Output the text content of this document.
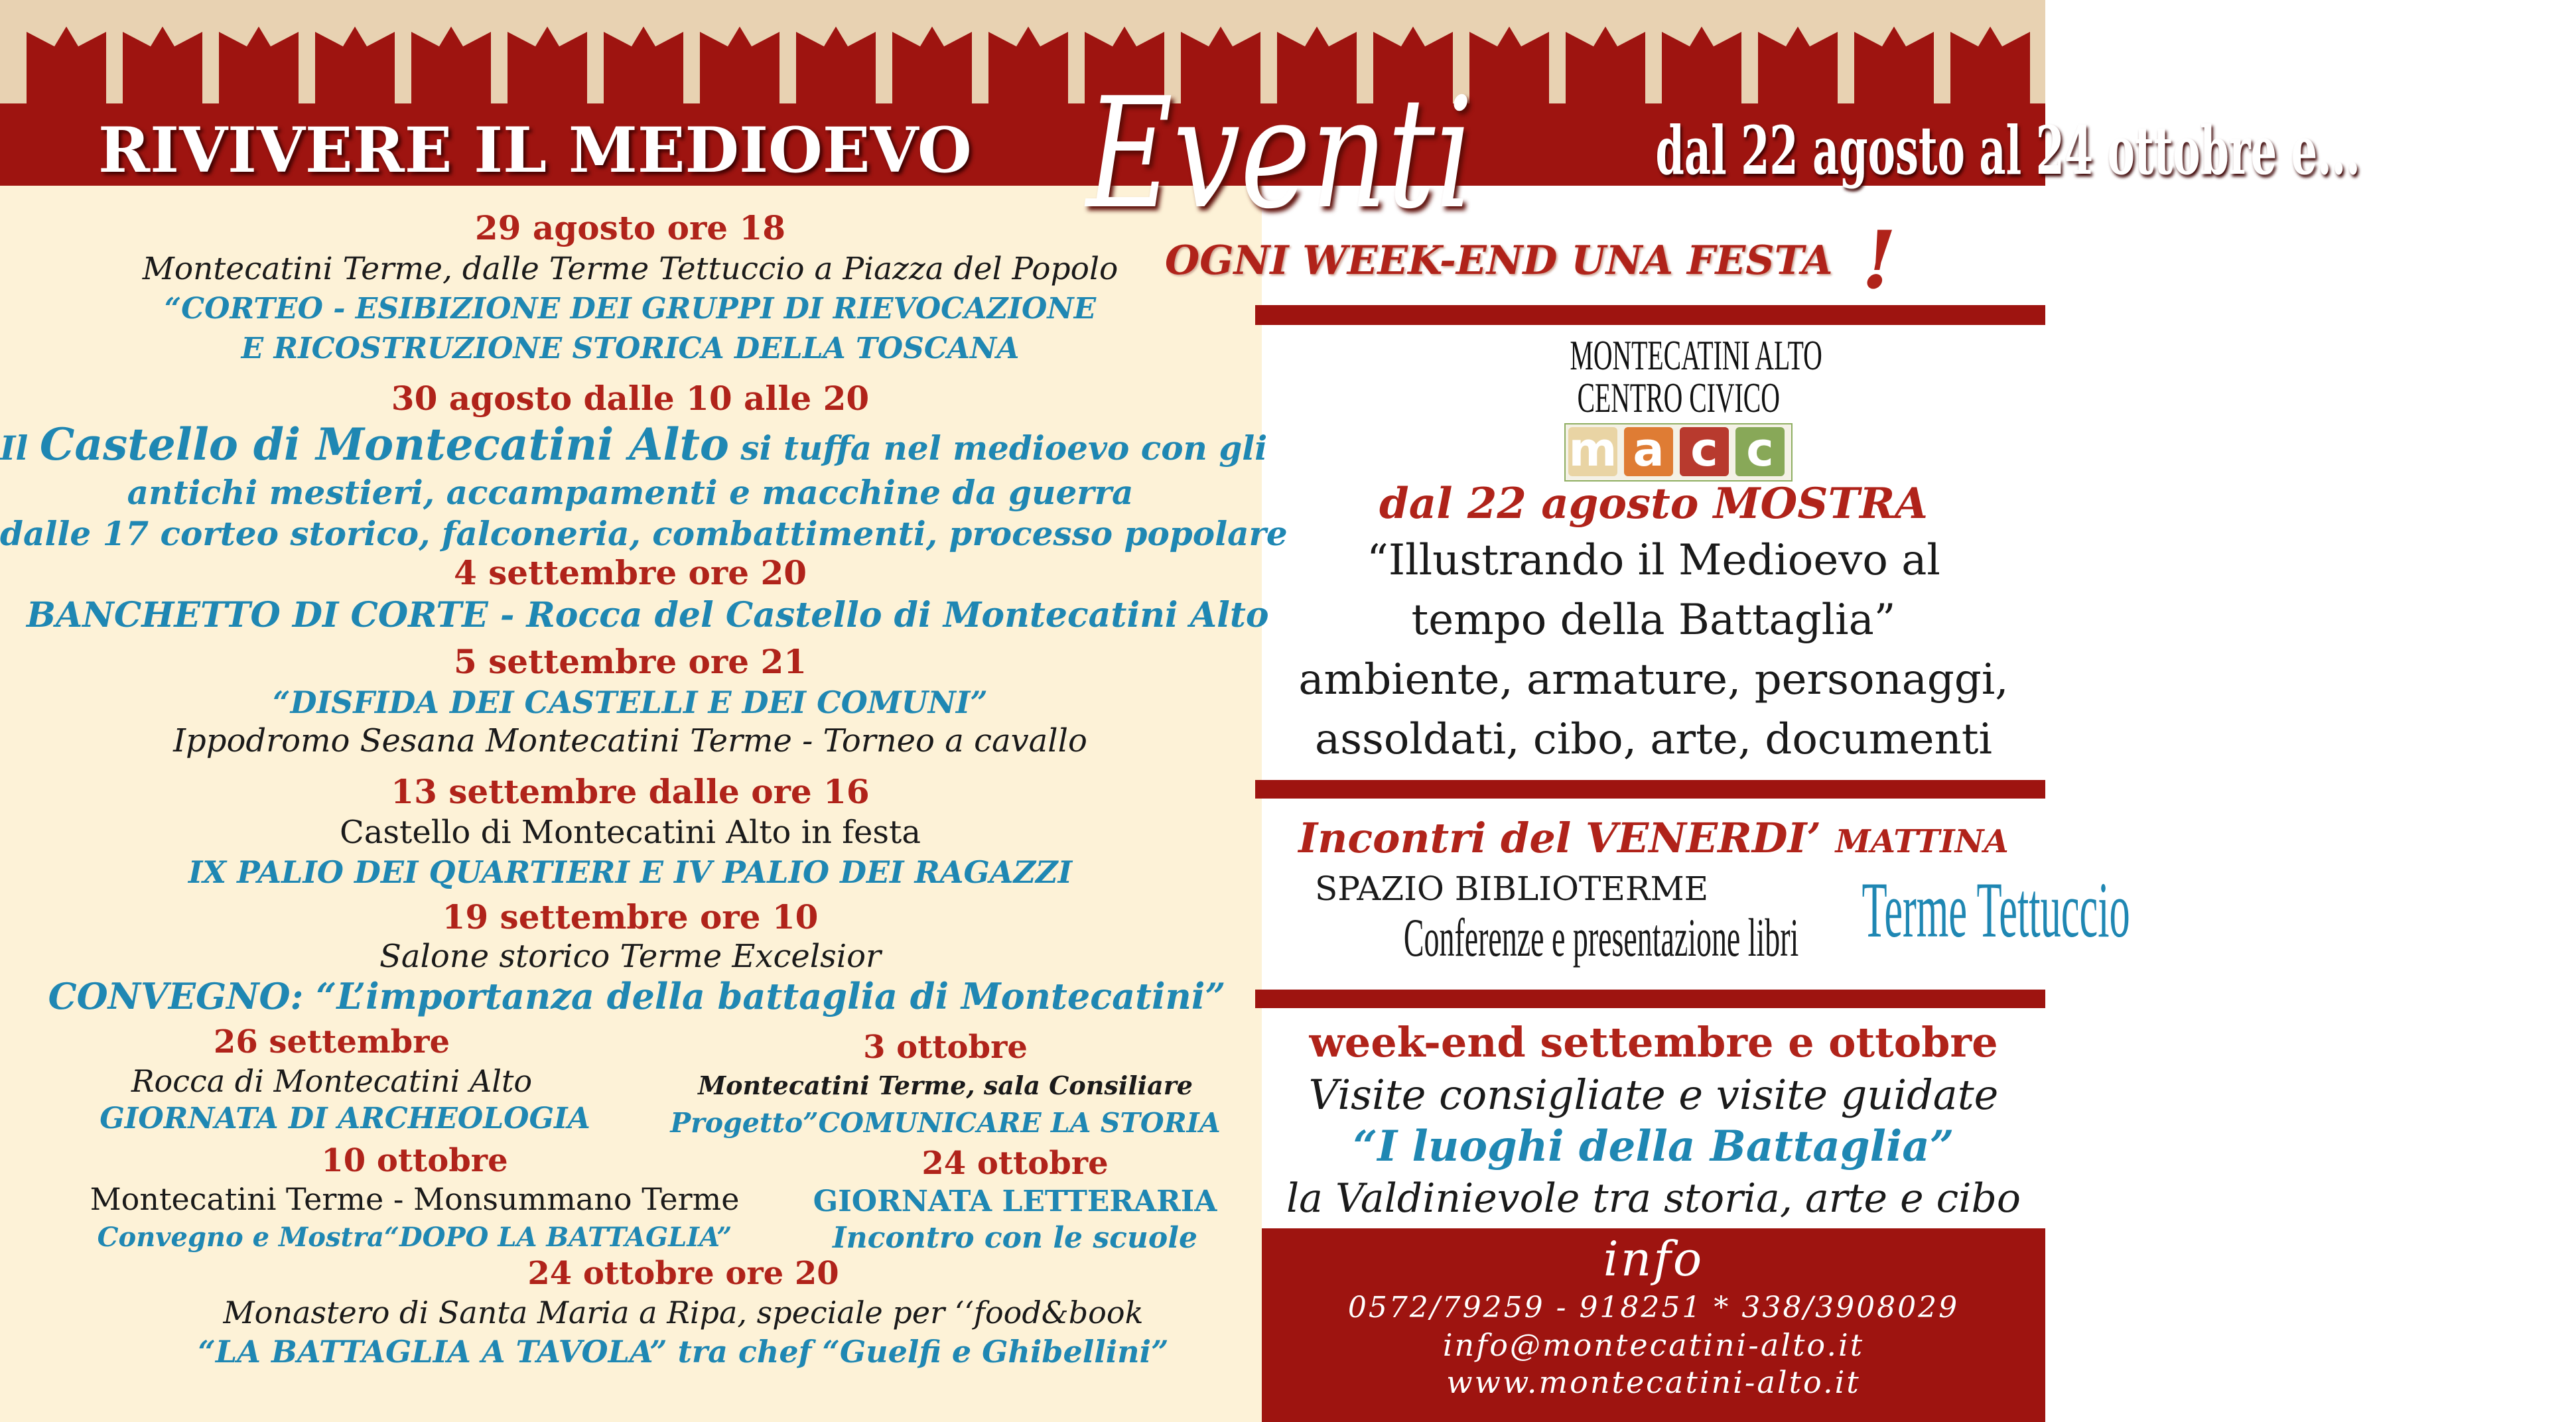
RIVIVERE IL MEDIOEVO Eventi	dal 22 agosto al 24 ottobre e...
OGNI WEEK-END UNA FESTA !
29 agosto ore 18
Montecatini Terme, dalle Terme Tettuccio a Piazza del Popolo
“CORTEO - ESIBIZIONE DEI GRUPPI DI RIEVOCAZIONE
E RICOSTRUZIONE STORICA DELLA TOSCANA
30 agosto dalle 10 alle 20
Il Castello di Montecatini Alto si tuffa nel medioevo con gli
antichi mestieri, accampamenti e macchine da guerra
dalle 17 corteo storico, falconeria, combattimenti, processo popolare
4 settembre ore 20
BANCHETTO DI CORTE - Rocca del Castello di Montecatini Alto
5 settembre ore 21
“DISFIDA DEI CASTELLI E DEI COMUNI”
Ippodromo Sesana Montecatini Terme - Torneo a cavallo
13 settembre dalle ore 16
Castello di Montecatini Alto in festa
IX PALIO DEI QUARTIERI E IV PALIO DEI RAGAZZI
19 settembre ore 10
Salone storico Terme Excelsior
CONVEGNO: “L’importanza della battaglia di Montecatini”
26 settembre
Rocca di Montecatini Alto
GIORNATA DI ARCHEOLOGIA
3 ottobre
Montecatini Terme, sala Consiliare
Progetto”COMUNICARE LA STORIA
10 ottobre
Montecatini Terme - Monsummano Terme
Convegno e Mostra“DOPO LA BATTAGLIA”
24 ottobre
GIORNATA LETTERARIA
Incontro con le scuole
24 ottobre ore 20
Monastero di Santa Maria a Ripa, speciale per ‘‘food&book
“LA BATTAGLIA A TAVOLA” tra chef “Guelfi e Ghibellini”
MONTECATINI ALTO
CENTRO CIVICO
m a c c
dal 22 agosto MOSTRA
“Illustrando il Medioevo al
tempo della Battaglia”
ambiente, armature, personaggi,
assoldati, cibo, arte, documenti
Incontri del VENERDI’ MATTINA
SPAZIO BIBLIOTERME
Conferenze e presentazione libri Terme Tettuccio
week-end settembre e ottobre
Visite consigliate e visite guidate
“I luoghi della Battaglia”
la Valdinievole tra storia, arte e cibo
info
0572/79259 - 918251 * 338/3908029
info@montecatini-alto.it
www.montecatini-alto.it
